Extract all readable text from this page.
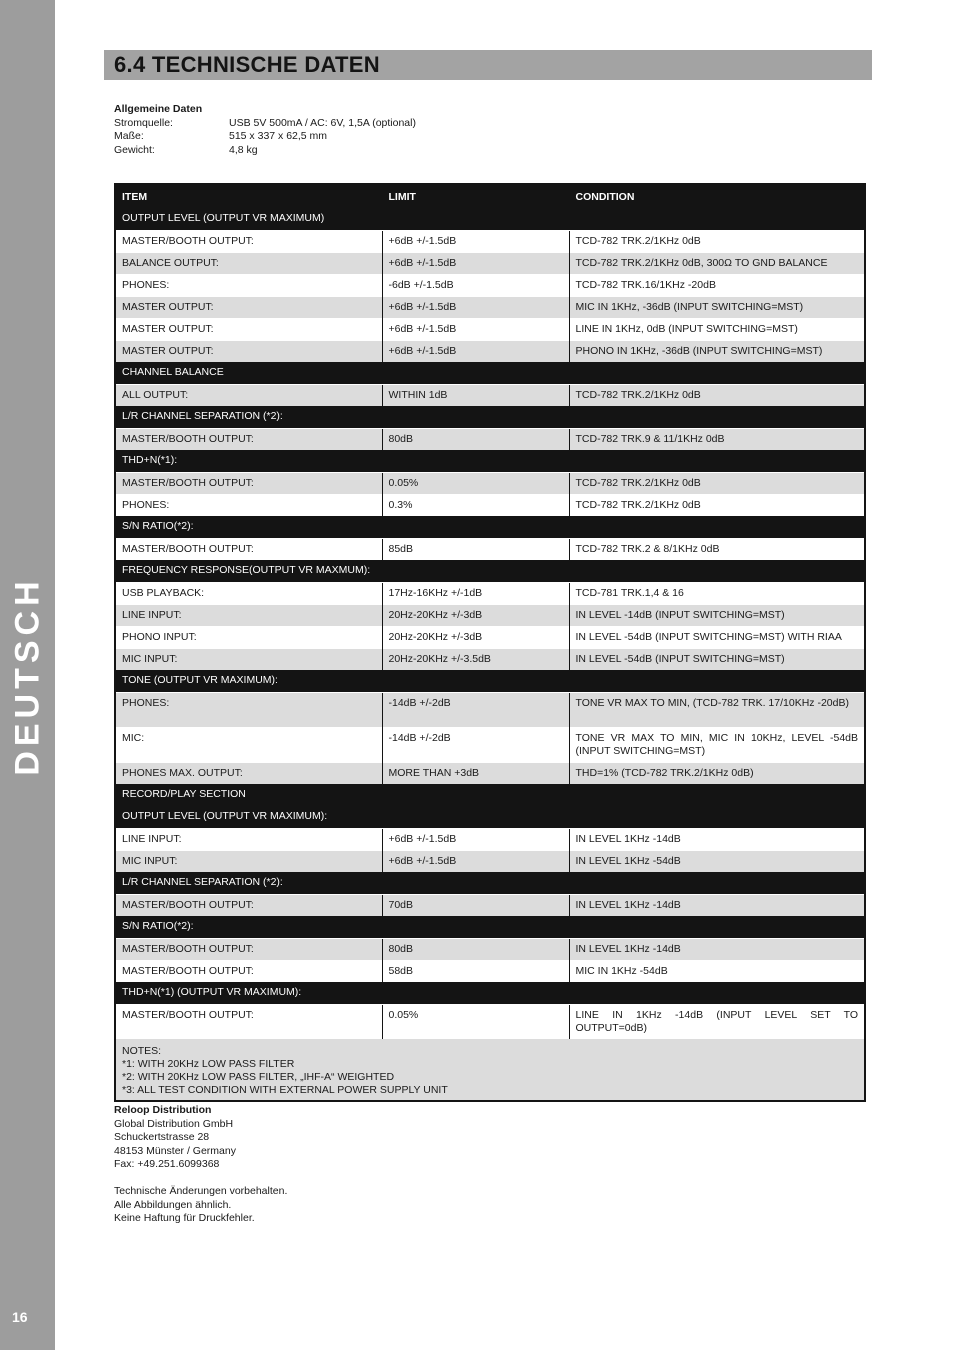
DEUTSCH
16
6.4 TECHNISCHE DATEN
Allgemeine Daten
Stromquelle:	USB 5V 500mA / AC: 6V, 1,5A (optional)
Maße:	515 x 337 x 62,5 mm
Gewicht:	4,8 kg
ITEM	LIMIT	CONDITION
OUTPUT LEVEL (OUTPUT VR MAXIMUM)		
MASTER/BOOTH OUTPUT:	+6dB +/-1.5dB	TCD-782 TRK.2/1KHz 0dB
BALANCE OUTPUT:	+6dB +/-1.5dB	TCD-782 TRK.2/1KHz 0dB, 300Ω TO GND BALANCE
PHONES:	-6dB +/-1.5dB	TCD-782 TRK.16/1KHz -20dB
MASTER OUTPUT:	+6dB +/-1.5dB	MIC IN 1KHz, -36dB (INPUT SWITCHING=MST)
MASTER OUTPUT:	+6dB +/-1.5dB	LINE IN 1KHz, 0dB (INPUT SWITCHING=MST)
MASTER OUTPUT:	+6dB +/-1.5dB	PHONO IN 1KHz, -36dB (INPUT SWITCHING=MST)
CHANNEL BALANCE		
ALL OUTPUT:	WITHIN 1dB	TCD-782 TRK.2/1KHz 0dB
L/R CHANNEL SEPARATION (*2):		
MASTER/BOOTH OUTPUT:	80dB	TCD-782 TRK.9 & 11/1KHz 0dB
THD+N(*1):		
MASTER/BOOTH OUTPUT:	0.05%	TCD-782 TRK.2/1KHz 0dB
PHONES:	0.3%	TCD-782 TRK.2/1KHz 0dB
S/N RATIO(*2):		
MASTER/BOOTH OUTPUT:	85dB	TCD-782 TRK.2 & 8/1KHz 0dB
FREQUENCY RESPONSE(OUTPUT VR MAXMUM):		
USB PLAYBACK:	17Hz-16KHz +/-1dB	TCD-781 TRK.1,4 & 16
LINE INPUT:	20Hz-20KHz +/-3dB	IN LEVEL -14dB (INPUT SWITCHING=MST)
PHONO INPUT:	20Hz-20KHz +/-3dB	IN LEVEL -54dB (INPUT SWITCHING=MST) WITH RIAA
MIC INPUT:	20Hz-20KHz +/-3.5dB	IN LEVEL -54dB (INPUT SWITCHING=MST)
TONE (OUTPUT VR MAXIMUM):		
PHONES:	-14dB +/-2dB	TONE VR MAX TO MIN, (TCD-782 TRK. 17/10KHz -20dB)
MIC:	-14dB +/-2dB	TONE VR MAX TO MIN, MIC IN 10KHz, LEVEL -54dB (INPUT SWITCHING=MST)
PHONES MAX. OUTPUT:	MORE THAN +3dB	THD=1% (TCD-782 TRK.2/1KHz 0dB)
RECORD/PLAY SECTION		
OUTPUT LEVEL (OUTPUT VR MAXIMUM):		
LINE INPUT:	+6dB +/-1.5dB	IN LEVEL 1KHz -14dB
MIC INPUT:	+6dB +/-1.5dB	IN LEVEL 1KHz -54dB
L/R CHANNEL SEPARATION (*2):		
MASTER/BOOTH OUTPUT:	70dB	IN LEVEL 1KHz -14dB
S/N RATIO(*2):		
MASTER/BOOTH OUTPUT:	80dB	IN LEVEL 1KHz -14dB
MASTER/BOOTH OUTPUT:	58dB	MIC IN 1KHz -54dB
THD+N(*1) (OUTPUT VR MAXIMUM):		
MASTER/BOOTH OUTPUT:	0.05%	LINE IN 1KHz -14dB (INPUT LEVEL SET TO OUTPUT=0dB)

NOTES:
*1: WITH 20KHz LOW PASS FILTER
*2: WITH 20KHz LOW PASS FILTER, „IHF-A“ WEIGHTED
*3: ALL TEST CONDITION WITH EXTERNAL POWER SUPPLY UNIT		
Reloop Distribution
Global Distribution GmbH
Schuckertstrasse 28
48153 Münster / Germany
Fax: +49.251.6099368
Technische Änderungen vorbehalten.
Alle Abbildungen ähnlich.
Keine Haftung für Druckfehler.
